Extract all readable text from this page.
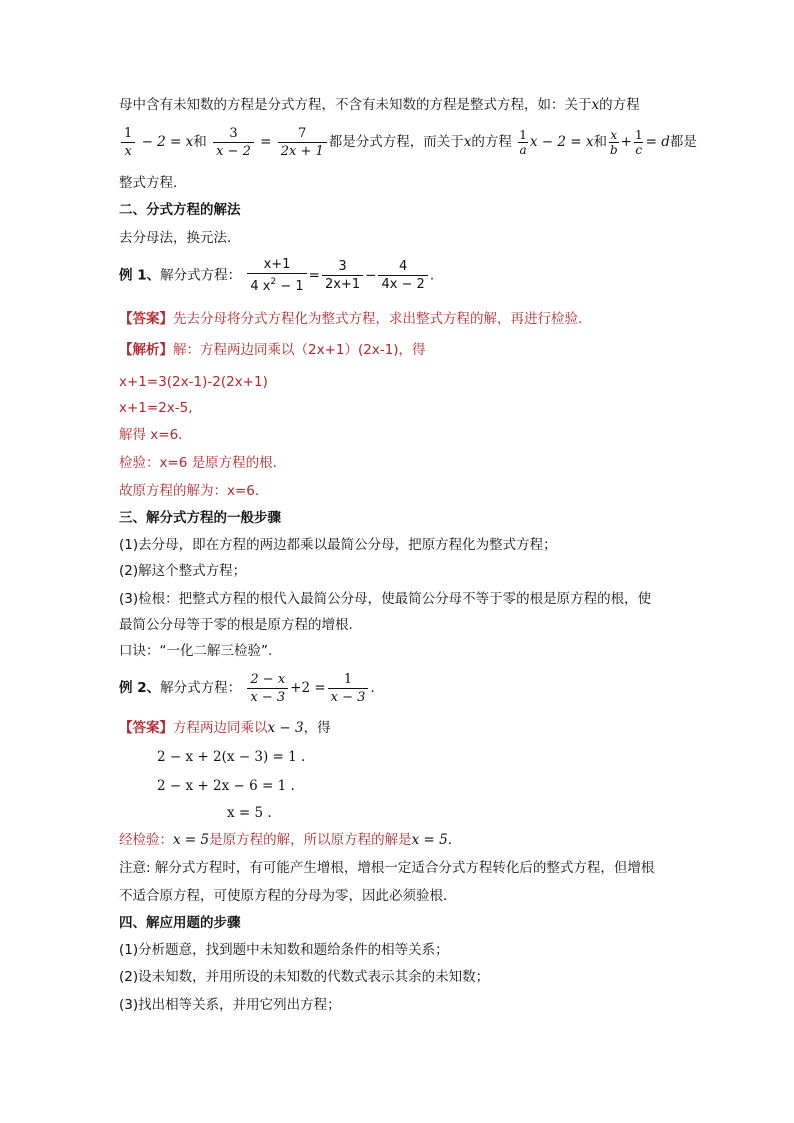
母中含有未知数的方程是分式方程，不含有未知数的方程是整式方程，如：关于x的方程
$\frac{1}{x} - 2 = x$和 $\frac{3}{x - 2} = \frac{7}{2x + 1}$ 都是分式方程，而关于x的方程 $\frac{1}{a}$ x − 2 = x和 $\frac{x}{b} + \frac{1}{c} = d$都是
整式方程.
二、分式方程的解法
去分母法，换元法．
例 1、解分式方程： $\frac{x+1}{4 x^2 - 1} = \frac{3}{2x+1} - \frac{4}{4x - 2}$ .
【答案】先去分母将分式方程化为整式方程，求出整式方程的解，再进行检验.
【解析】解：方程两边同乘以（2x+1）(2x-1)，得
x+1=3(2x-1)-2(2x+1)
x+1=2x-5,
解得 x=6．
检验：x=6 是原方程的根．
故原方程的解为：x=6．
三、解分式方程的一般步骤
(1)去分母，即在方程的两边都乘以最简公分母，把原方程化为整式方程；
(2)解这个整式方程；
(3)检根：把整式方程的根代入最简公分母，使最简公分母不等于零的根是原方程的根，使
最简公分母等于零的根是原方程的增根.
口诀：“一化二解三检验”.
例 2、解分式方程： $\frac{2 - x}{x - 3} +2 = \frac{1}{x - 3}$ ．
【答案】方程两边同乘以x − 3，得
2 − x + 2(x − 3) = 1 .
2 − x + 2x − 6 = 1 .
x = 5 .
经检验：x = 5是原方程的解，所以原方程的解是x = 5．
注意: 解分式方程时，有可能产生增根，增根一定适合分式方程转化后的整式方程，但增根
不适合原方程，可使原方程的分母为零，因此必须验根．
四、解应用题的步骤
(1)分析题意，找到题中未知数和题给条件的相等关系；
(2)设未知数，并用所设的未知数的代数式表示其余的未知数；
(3)找出相等关系，并用它列出方程；
